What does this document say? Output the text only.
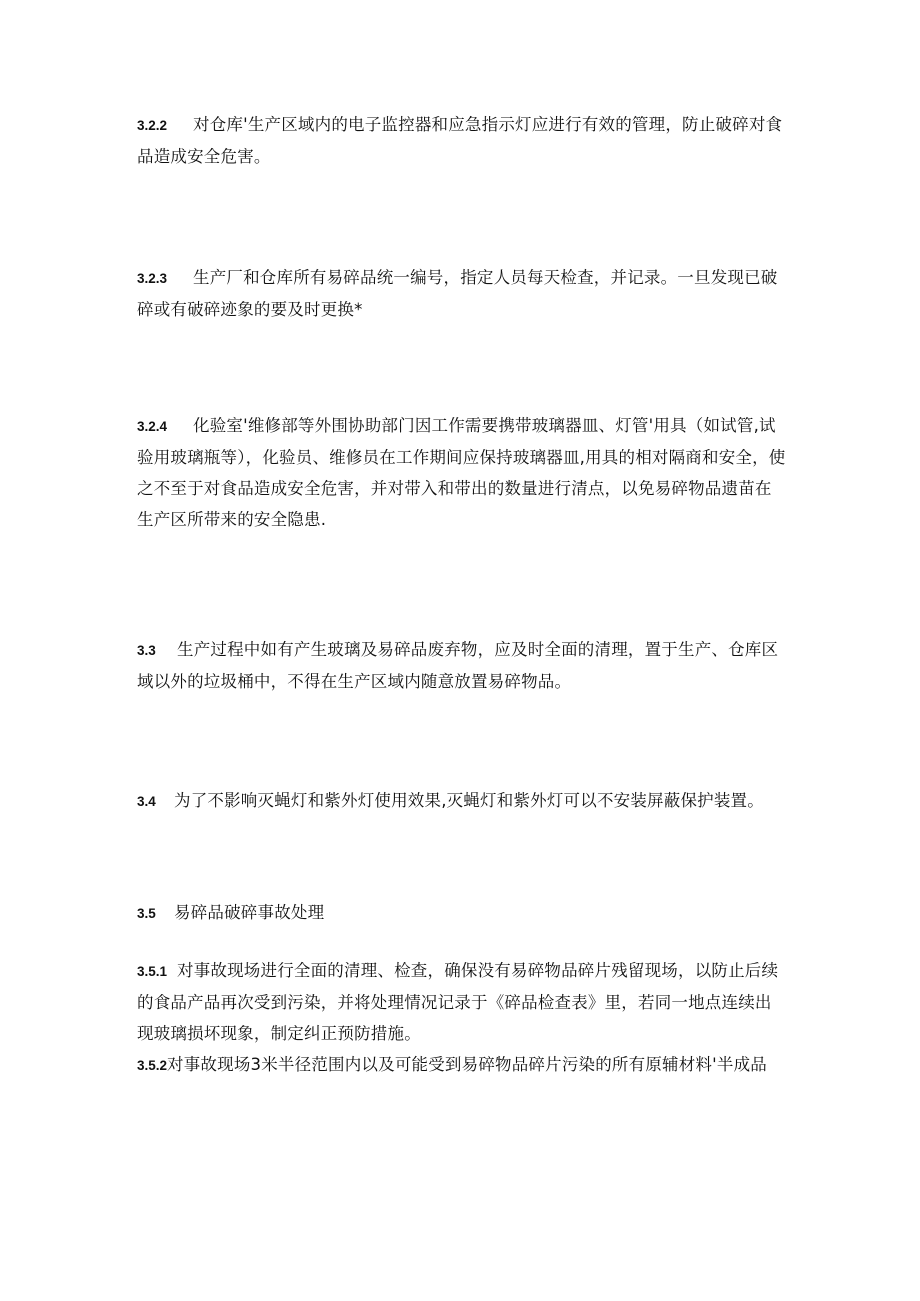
3.2.2 对仓库'生产区域内的电子监控器和应急指示灯应进行有效的管理，防止破碎对食品造成安全危害。

3.2.3 生产厂和仓库所有易碎品统一编号，指定人员每天检查，并记录。一旦发现已破碎或有破碎迹象的要及时更换*

3.2.4 化验室'维修部等外围协助部门因工作需要携带玻璃器皿、灯管'用具（如试管,试验用玻璃瓶等），化验员、维修员在工作期间应保持玻璃器皿,用具的相对隔商和安全，使之不至于对食品造成安全危害，并对带入和带出的数量进行清点，以免易碎物品遗苗在生产区所带来的安全隐患.

3.3 生产过程中如有产生玻璃及易碎品废弃物，应及时全面的清理，置于生产、仓库区域以外的垃圾桶中，不得在生产区域内随意放置易碎物品。

3.4 为了不影响灭蝇灯和紫外灯使用效果,灭蝇灯和紫外灯可以不安装屏蔽保护装置。

3.5 易碎品破碎事故处理

3.5.1 对事故现场进行全面的清理、检查，确保没有易碎物品碎片残留现场，以防止后续的食品产品再次受到污染，并将处理情况记录于《碎品检查表》里，若同一地点连续出现玻璃损坏现象，制定纠正预防措施。

3.5.2对事故现场3米半径范围内以及可能受到易碎物品碎片污染的所有原辅材料'半成品
